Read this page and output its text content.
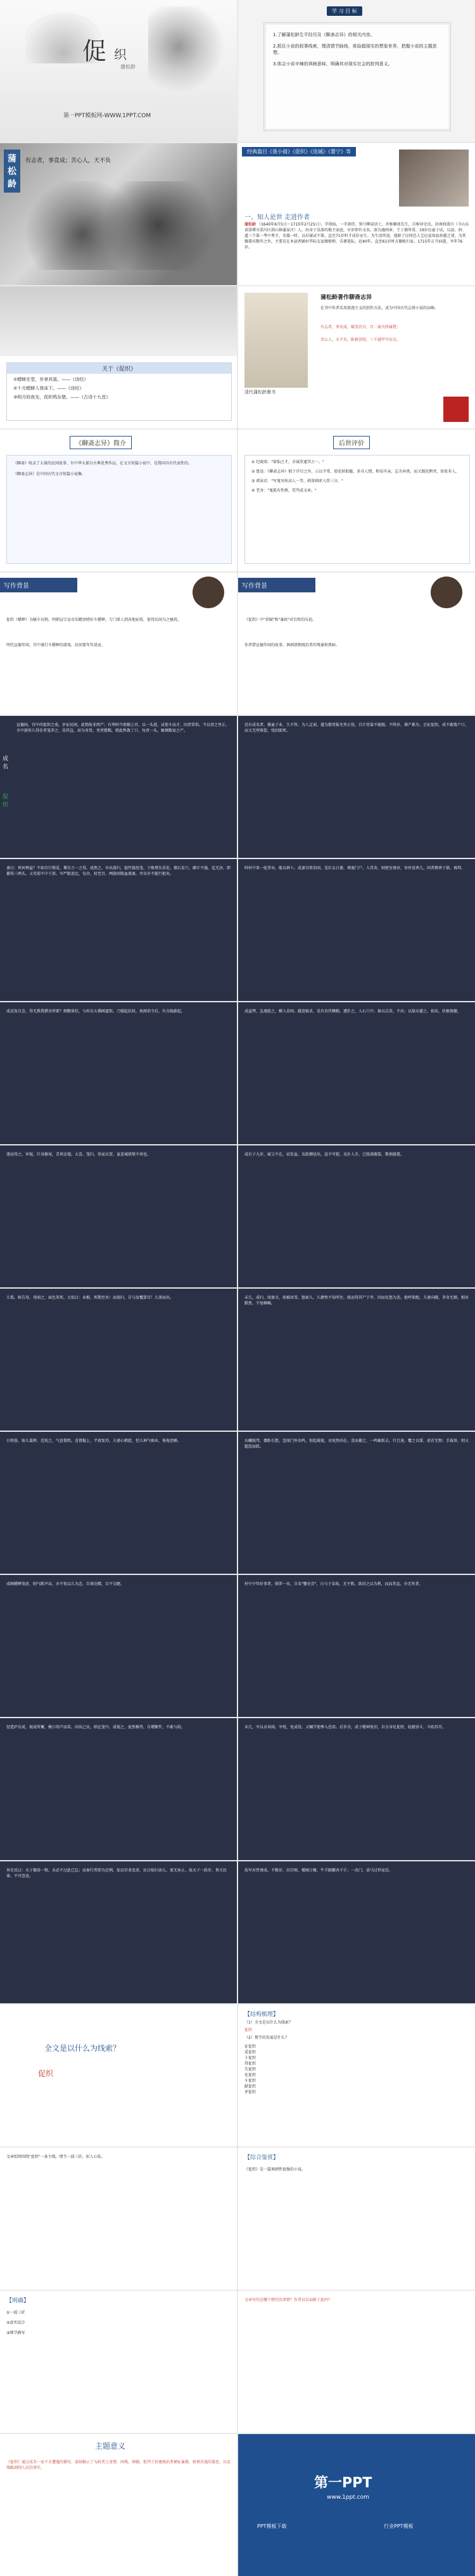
促 织
蒲松龄
第一PPT模板网-WWW.1PPT.COM
学 习 目 标
1.了解蒲松龄生平经历及《聊斋志异》的相关内容。
2.抓住小说的叙事线索，理清情节脉络，体验超现实的想象世界，把握小说的主题思想。
3.体会小说辛辣的讽刺意味，明确其对现实社会的批判意义。
蒲松龄
有志者，事竟成；苦心人，天不负
经典篇目《聂小倩》《促织》《连城》《婴宁》等
一、知人论世 走进作者
蒲松龄 （1640年6月5日～1715年2月25日），字留仙，一字剑臣，别号柳泉居士，世称聊斋先生，自称异史氏。济南府淄川（今山东省淄博市淄川区洪山镇蒲家庄）人。出身于没落的地主家庭，早岁即有文名，深为施闰章、王士禛所重。19岁应童子试，以县、府、道三个第一考中秀才，名震一时。以后屡试不第，直至71岁时才成岁贡生。为生活所迫，他除了应同邑人宝应县知县孙蕙之请，为其做幕宾数年之外，主要是在本县西铺村毕际友家做塾师，舌耕笔耘，近40年，直至61岁时方撤帐归家。1715年正月病逝，享年76岁。
关于《促织》
①蟋蟀在堂，岁聿其莫。——《诗经》
②十月蟋蟀入我床下。——《诗经》
③明月皎夜光，促织鸣东壁。——《古诗十九首》
清代蒲松龄墨书
蒲松龄著作聊斋志异
在书中作者采用浪漫主义的创作方法，成为中国古代志怪小说的高峰。
有志者，事竟成，破釜沉舟，百二秦关终属楚；
苦心人，天不负，卧薪尝胆，三千越甲可吞吴。
《聊斋志异》简介
《聊斋》收录了大量的民间故事，有中华大部分古典优秀作品，在文言短篇小说中，是我国具有代表性的。
《聊斋志异》是中国古代文言短篇小说集。
后世评价
① 纪晓岚："留仙之才，余诚莫逮其万一。"
② 鲁迅：《聊斋志异》独于详尽之外，示以平常，使花妖狐魅，多具人情，和易可亲，忘为异类，而又偶见鹘突，知复非人。
③ 郭沫若："写鬼写妖高人一等，刺贪刺虐入骨三分。"
④ 老舍："鬼狐有性格，笑骂成文章。"
写作背景
促织（蟋蟀）为骚斗玩物，明朝宣宗皇帝朱瞻基嗜好斗蟋蟀，专门派人到各地征收，使得民间为之骚扰。
明代宣德年间，宫中盛行斗蟋蟀的游戏，民间要年年进贡。
写作背景
《促织》中"重赋"和"暴政"对百姓的压迫。
作者借宣德年间的故事，讽刺清朝统治者的残暴和黑暗。
成名
促织
宣德间，宫中尚促织之戏，岁征民间。此物故非西产；有华阴令欲媚上官，以一头进，试使斗而才，因责常供。令以责之里正。市中游侠儿得佳者笼养之，昂其直，居为奇货。里胥猾黠，假此科敛丁口，每责一头，辄倾数家之产。
邑有成名者，操童子业，久不售。为人迂讷，遂为猾胥报充里正役，百计营谋不能脱。不终岁，薄产累尽。会征促织，成不敢敛户口，而又无所赔偿，忧闷欲死。
妻曰：死何裨益？不如自行搜觅，冀有万一之得。成然之。早出暮归，提竹筒丝笼，于败堵丛草处，探石发穴，靡计不施，迄无济。即捕得三两头，又劣弱不中于款。宰严限追比，旬余，杖至百，两股间脓血流离，并虫亦不能行捉矣。
时村中来一驼背巫，能以神卜。成妻具资诣问。见红女白婆，填塞门户。入其舍，则密室垂帘，帘外设香几。问者爇香于鼎，再拜。
成反复自念，得无教我猎虫所耶？细瞻景状，与村东大佛阁逼似。乃强起扶杖，执图诣寺后，有古陵蔚起。	成益愕，急逐趁之，蟆入草间。蹑迹披求，见有虫伏棘根。遽扑之，入石穴中。掭以尖草，不出；以筒水灌之，始出，状极俊健。
逐而得之。审视，巨身修尾，青项金翅。大喜，笼归，举家庆贺，虽连城拱璧不啻也。	成有子九岁，窥父不在，窃发盆。虫跃掷径出，迅不可捉。及扑入手，已股落腹裂，斯须就毙。
儿惧，啼告母。母闻之，面色灰死，大惊曰：业根，死期至矣！而翁归，自与汝覆算耳！儿涕而出。	未几，成归，闻妻言，如被冰雪。怒索儿，儿渺然不知所往。既而得其尸于井，因而化怒为悲，抢呼欲绝。夫妻向隅，茅舍无烟，相对默然，不复聊赖。
日将暮，取儿藁葬。近抚之，气息惙然。喜置榻上，半夜复苏。夫妻心稍慰，但儿神气痴木，奄奄思睡。	东曦既驾，僵卧长愁。忽闻门外虫鸣，惊起觇视，虫宛然尚在。喜而捕之，一鸣辄跃去，行且速。覆之以掌，虚若无物；手裁举，则又超忽而跃。
成顾蟋蟀笼虚，则气断声吞，亦不复以儿为念，自昏达曙，目不交睫。	村中少年好事者，驯养一虫，自名"蟹壳青"，日与子弟角，无不胜。欲居之以为利，而高其直，亦无售者。
径造庐访成，视成所蓄，掩口胡卢而笑。因出己虫，纳比笼中。成视之，庞然修伟，自增惭怍，不敢与较。	未几，宰以卓异闻。宰悦，免成役。又嘱学使俾入邑庠。后岁余，成子精神复旧，自言身化促织，轻捷善斗，今始苏耳。
异史氏曰：天子偶用一物，未必不过此已忘；而奉行者即为定例。加以官贪吏虐，民日贴妇卖儿，更无休止。故天子一跬步，皆关民命，不可忽也。
抚军亦厚赉成。不数岁，田百顷，楼阁万椽，牛羊蹄躈各千计；一出门，裘马过世家焉。
全文是以什么为线索？
促织
【结构梳理】
（1）全文是以什么为线索？
促织
（2）情节的发展是什么？
征促织
觅促织
卜促织
得促织
失促织
化促织
斗促织
献促织
评促织
文章始终围绕"促织"一条主线，情节一波三折，扣人心弦。	【综合鉴赏】
《促织》是一篇讽刺性很强的小说。
【明确】
①一波三折
②虚实结合
③细节描写
文章写的是哪个朝代的事情？作者仅仅局限于此吗？
主题意义
《促织》通过成名一家不幸遭遇的描写，深刻揭示了为政者之贪婪、凶残、昏聩，批判了封建统治者横征暴敛、骄奢淫逸的罪恶，以及残酷剥削人民的事实。
第一PPT
www.1ppt.com
PPT模板下载	行业PPT模板
